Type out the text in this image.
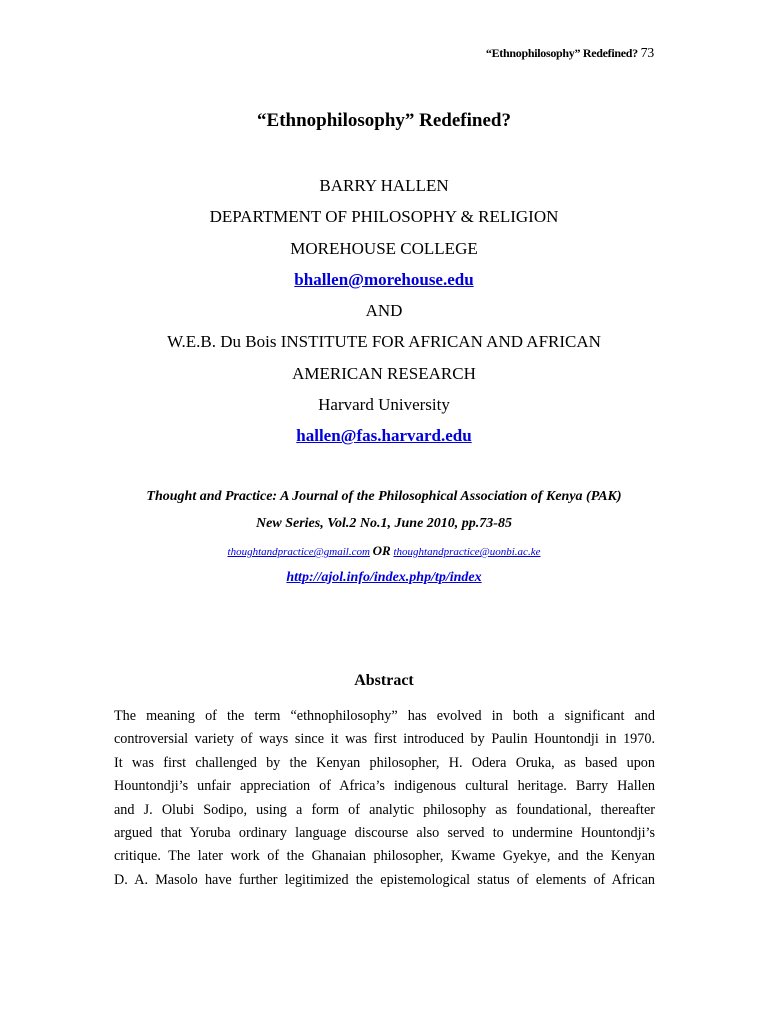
“Ethnophilosophy” Redefined? 73
“Ethnophilosophy” Redefined?
BARRY HALLEN
DEPARTMENT OF PHILOSOPHY & RELIGION
MOREHOUSE COLLEGE
bhallen@morehouse.edu
AND
W.E.B. Du Bois INSTITUTE FOR AFRICAN AND AFRICAN
AMERICAN RESEARCH
Harvard University
hallen@fas.harvard.edu
Thought and Practice: A Journal of the Philosophical Association of Kenya (PAK)
New Series, Vol.2 No.1, June 2010, pp.73-85
thoughtandpractice@gmail.com OR thoughtandpractice@uonbi.ac.ke
http://ajol.info/index.php/tp/index
Abstract
The meaning of the term “ethnophilosophy” has evolved in both a significant and
controversial variety of ways since it was first introduced by Paulin Hountondji in 1970.
It was first challenged by the Kenyan philosopher, H. Odera Oruka, as based upon
Hountondji’s unfair appreciation of Africa’s indigenous cultural heritage. Barry Hallen
and J. Olubi Sodipo, using a form of analytic philosophy as foundational, thereafter
argued that Yoruba ordinary language discourse also served to undermine Hountondji’s
critique. The later work of the Ghanaian philosopher, Kwame Gyekye, and the Kenyan
D. A. Masolo have further legitimized the epistemological status of elements of African
